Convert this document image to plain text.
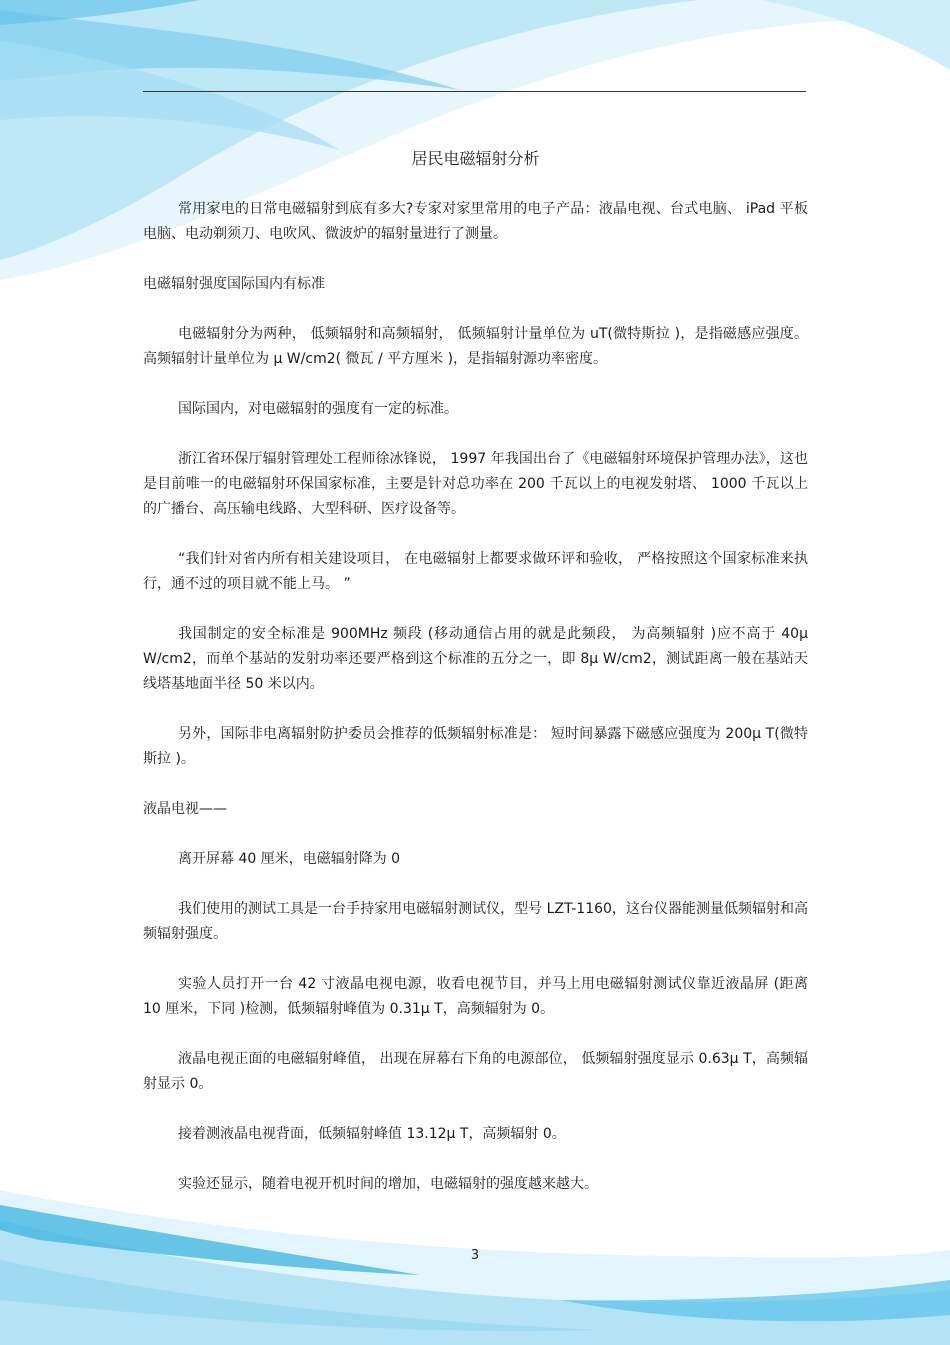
居民电磁辐射分析

常用家电的日常电磁辐射到底有多大?专家对家里常用的电子产品：液晶电视、台式电脑、 iPad 平板电脑、电动剃须刀、电吹风、微波炉的辐射量进行了测量。

电磁辐射强度国际国内有标准

电磁辐射分为两种， 低频辐射和高频辐射， 低频辐射计量单位为 uT(微特斯拉 )，是指磁感应强度。高频辐射计量单位为 μ W/cm2( 微瓦 / 平方厘米 )，是指辐射源功率密度。

国际国内，对电磁辐射的强度有一定的标准。

浙江省环保厅辐射管理处工程师徐冰锋说， 1997 年我国出台了《电磁辐射环境保护管理办法》，这也是目前唯一的电磁辐射环保国家标准，主要是针对总功率在 200 千瓦以上的电视发射塔、 1000 千瓦以上的广播台、高压输电线路、大型科研、医疗设备等。

“我们针对省内所有相关建设项目， 在电磁辐射上都要求做环评和验收， 严格按照这个国家标准来执行，通不过的项目就不能上马。 ”

我国制定的安全标准是 900MHz 频段 (移动通信占用的就是此频段， 为高频辐射 )应不高于 40μ W/cm2，而单个基站的发射功率还要严格到这个标准的五分之一，即 8μ W/cm2，测试距离一般在基站天线塔基地面半径 50 米以内。

另外，国际非电离辐射防护委员会推荐的低频辐射标准是： 短时间暴露下磁感应强度为 200μ T(微特斯拉 )。

液晶电视——

离开屏幕 40 厘米，电磁辐射降为 0

我们使用的测试工具是一台手持家用电磁辐射测试仪，型号 LZT-1160，这台仪器能测量低频辐射和高频辐射强度。

实验人员打开一台 42 寸液晶电视电源，收看电视节目，并马上用电磁辐射测试仪靠近液晶屏 (距离 10 厘米，下同 )检测，低频辐射峰值为 0.31μ T，高频辐射为 0。

液晶电视正面的电磁辐射峰值， 出现在屏幕右下角的电源部位， 低频辐射强度显示 0.63μ T，高频辐射显示 0。

接着测液晶电视背面，低频辐射峰值 13.12μ T，高频辐射 0。

实验还显示，随着电视开机时间的增加，电磁辐射的强度越来越大。

3
